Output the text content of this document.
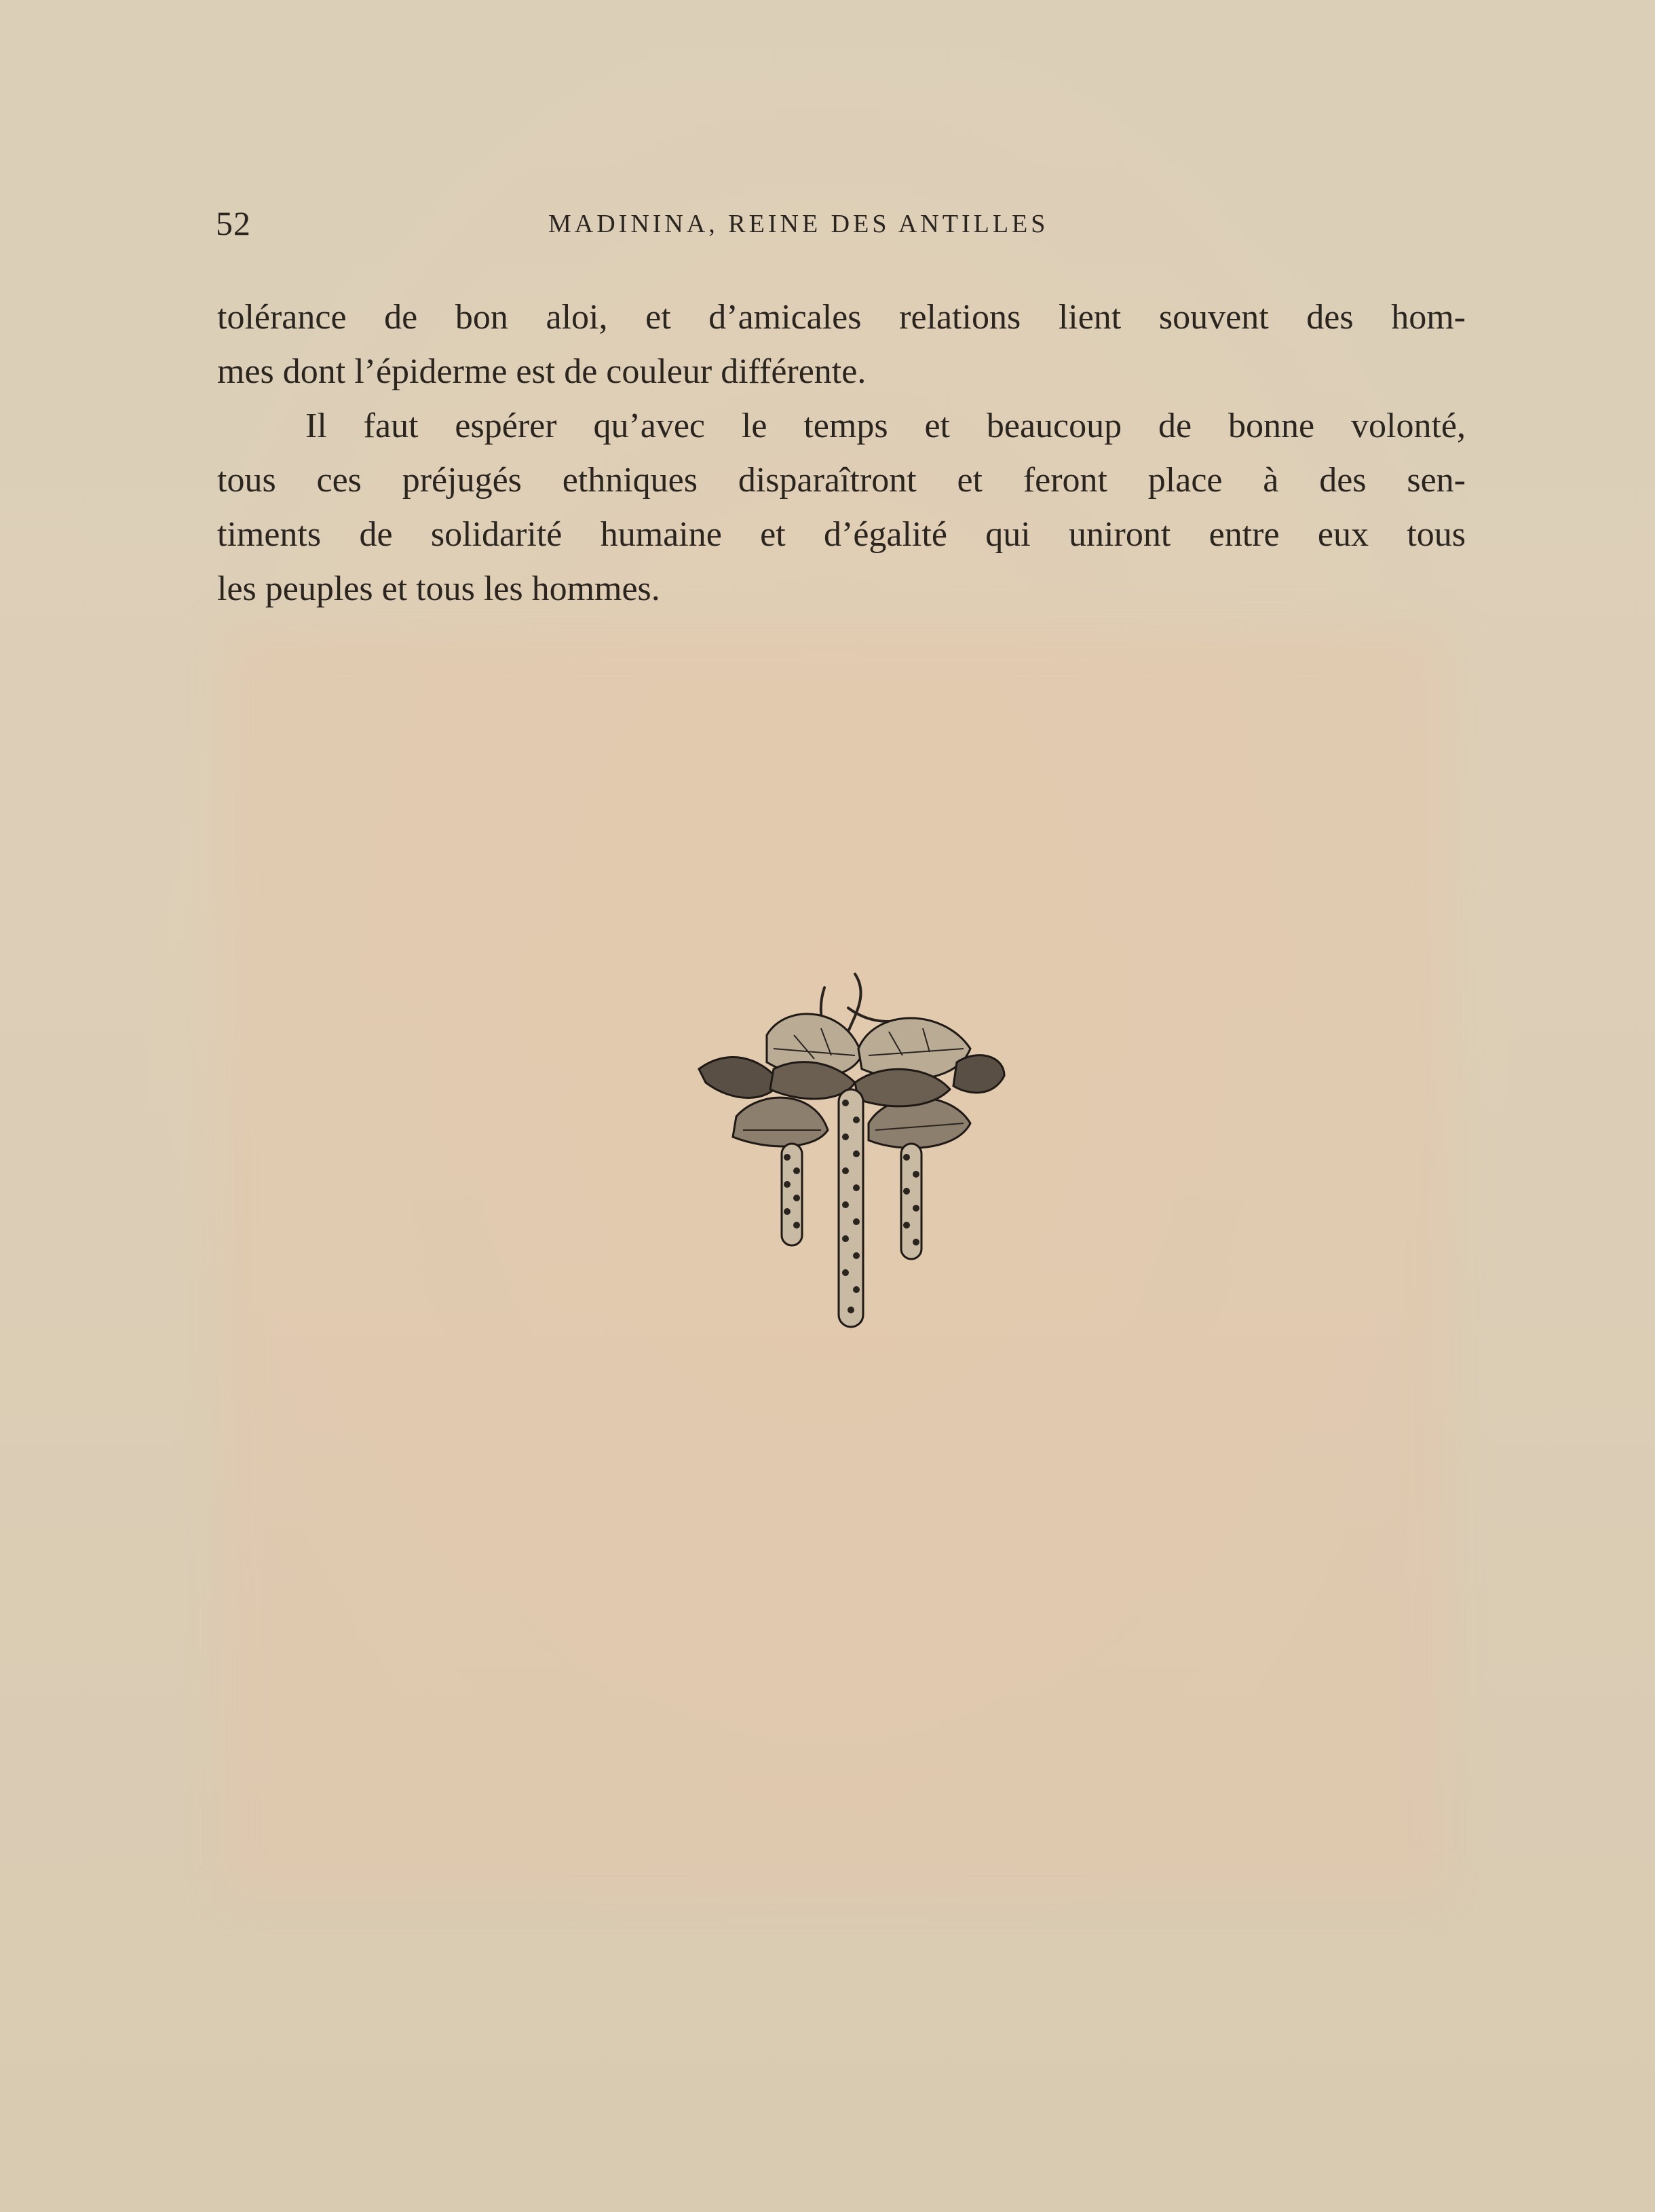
52	MADININA, REINE DES ANTILLES
tolérance de bon aloi, et d’amicales relations lient souvent des hom-
mes dont l’épiderme est de couleur différente.
Il faut espérer qu’avec le temps et beaucoup de bonne volonté,
tous ces préjugés ethniques disparaîtront et feront place à des sen-
timents de solidarité humaine et d’égalité qui uniront entre eux tous
les peuples et tous les hommes.
